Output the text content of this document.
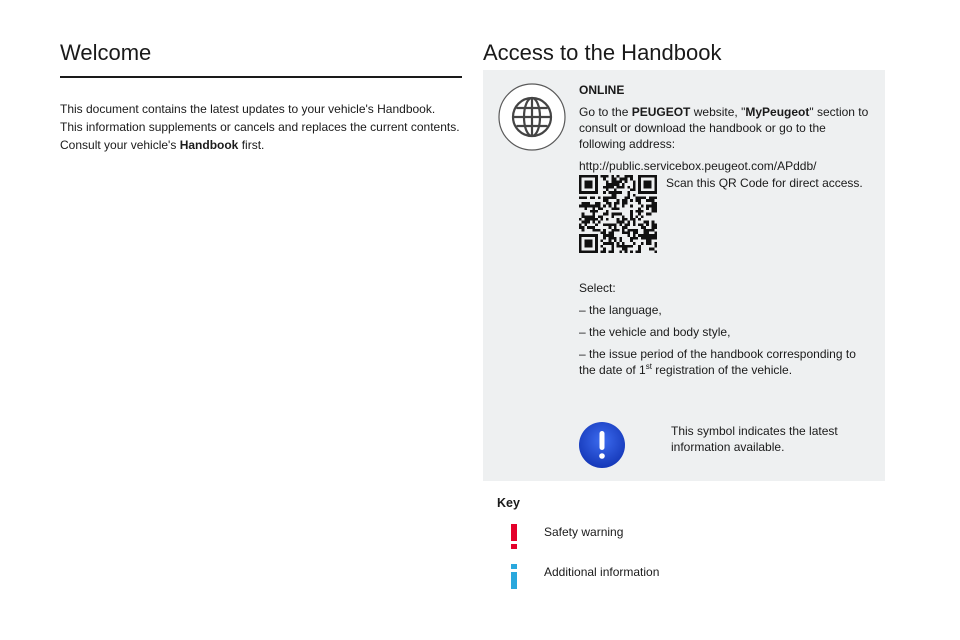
Welcome
This document contains the latest updates to your vehicle's Handbook.
This information supplements or cancels and replaces the current contents.
Consult your vehicle's Handbook first.
Access to the Handbook
ONLINE
Go to the PEUGEOT website, "MyPeugeot" section to consult or download the handbook or go to the following address:
http://public.servicebox.peugeot.com/APddb/
Scan this QR Code for direct access.
Select:
– the language,
– the vehicle and body style,
– the issue period of the handbook corresponding to the date of 1st registration of the vehicle.
This symbol indicates the latest information available.
Key
Safety warning
Additional information
